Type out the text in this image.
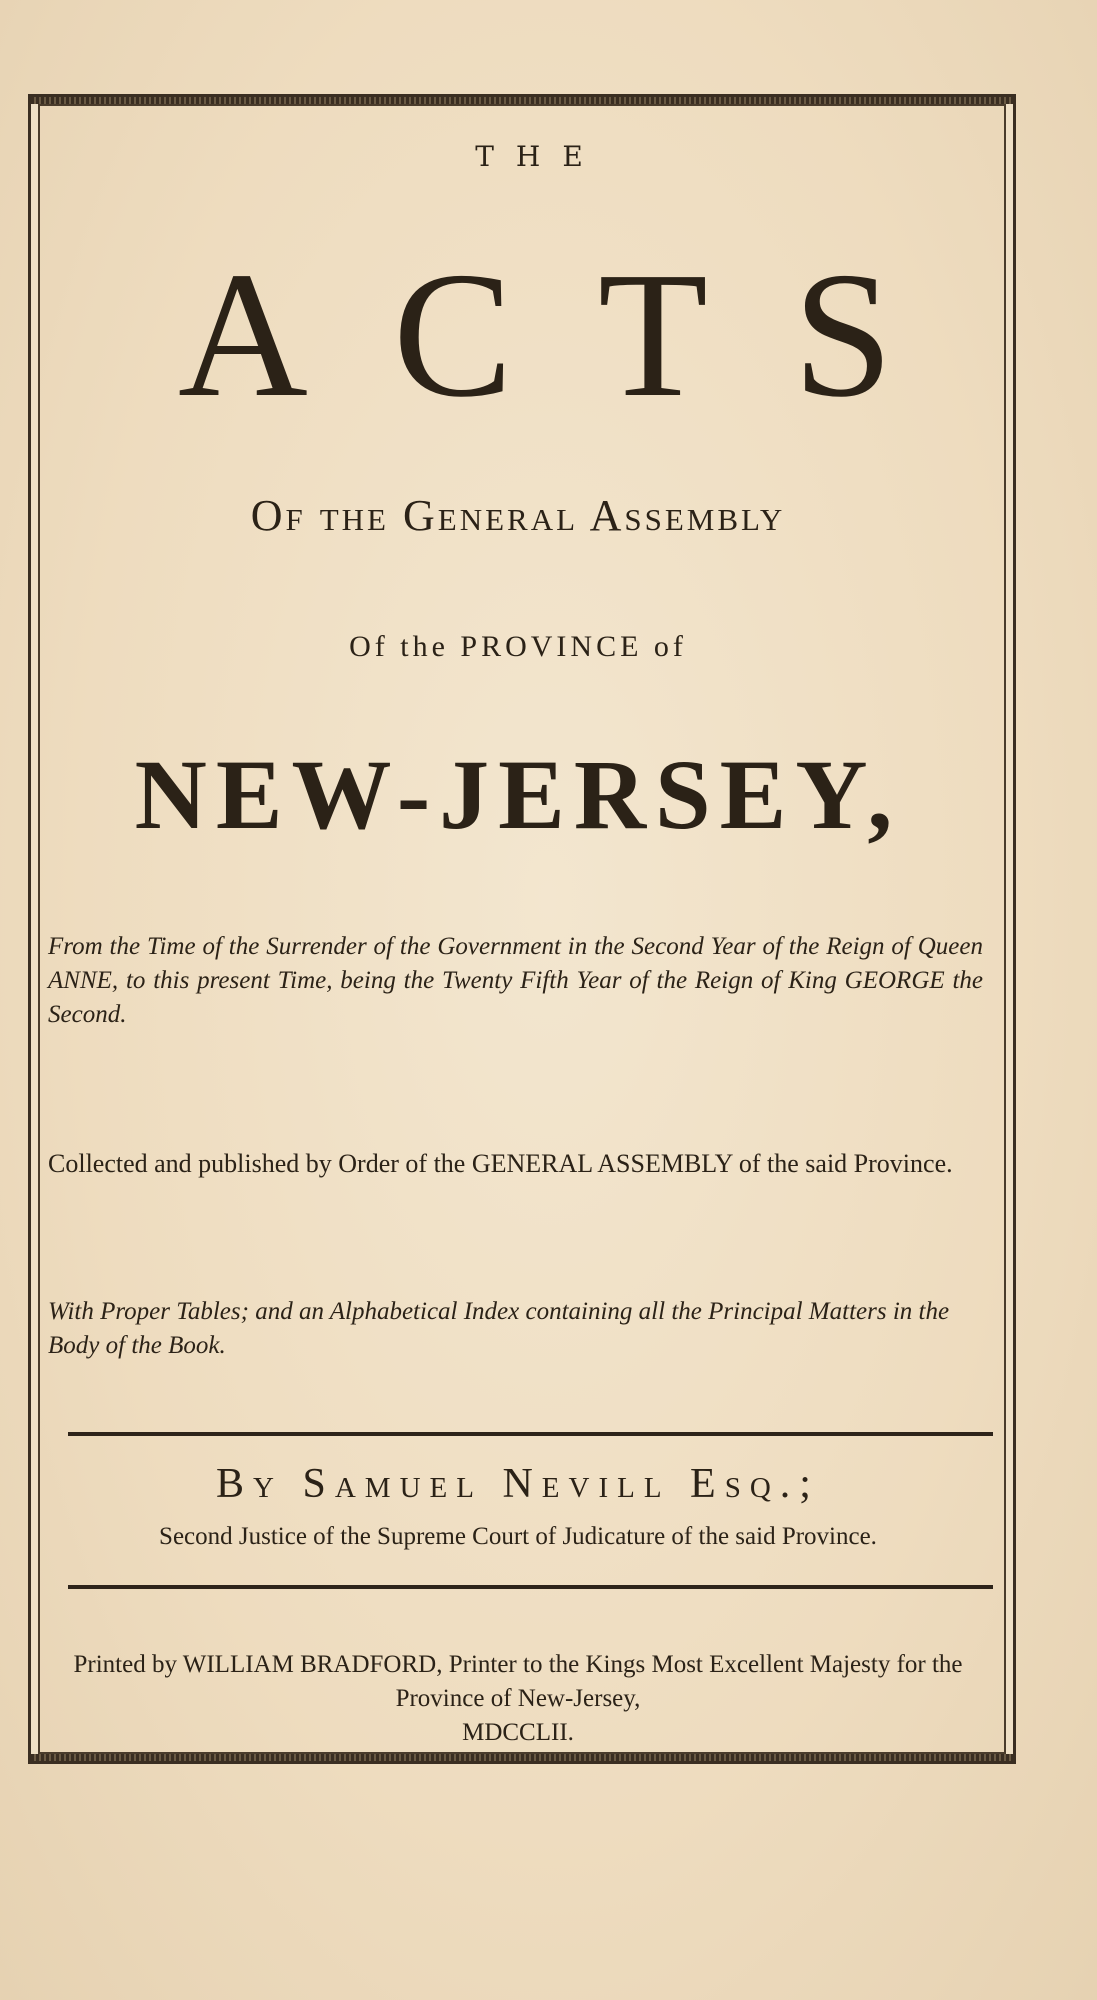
THE
ACTS
Of the General Assembly
Of the PROVINCE of
NEW-JERSEY,
From the Time of the Surrender of the Government in the Second Year of the Reign of Queen ANNE, to this present Time, being the Twenty Fifth Year of the Reign of King GEORGE the Second.
Collected and published by Order of the GENERAL ASSEMBLY of the said Province.
With Proper Tables; and an Alphabetical Index containing all the Principal Matters in the Body of the Book.
By Samuel Nevill Esq.;
Second Justice of the Supreme Court of Judicature of the said Province.
Printed by WILLIAM BRADFORD, Printer to the Kings Most Excellent Majesty for the Province of New-Jersey,
MDCCLII.
